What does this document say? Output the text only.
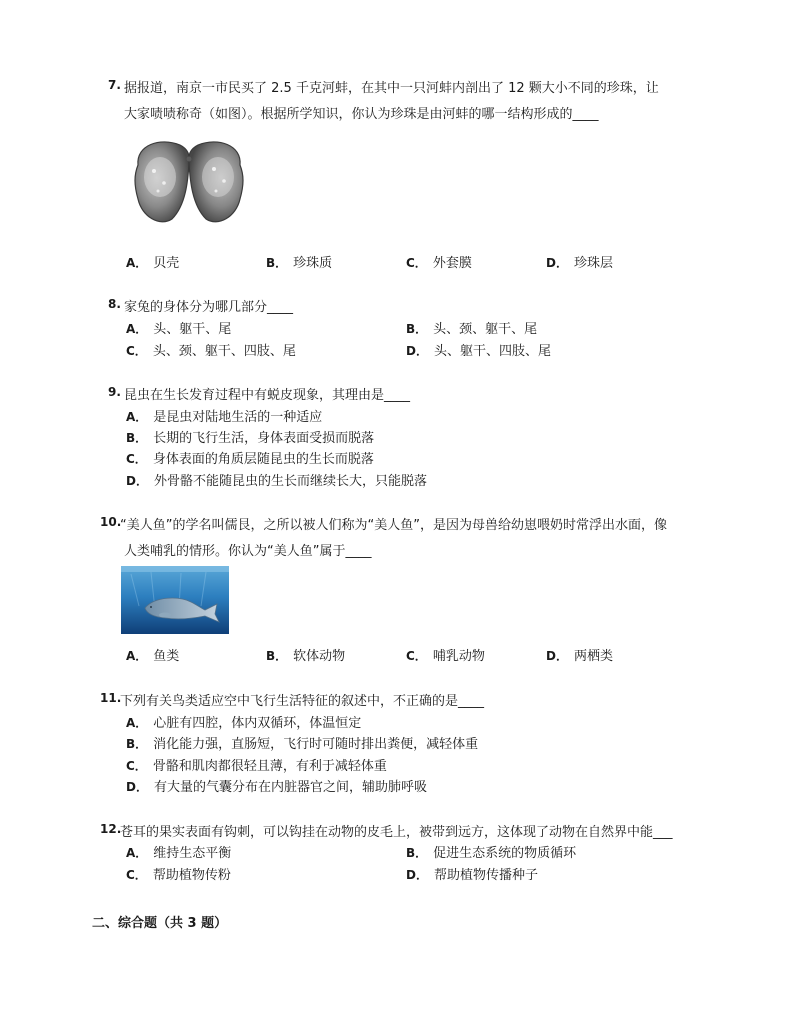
7. 据报道，南京一市民买了 2.5 千克河蚌，在其中一只河蚌内剖出了 12 颗大小不同的珍珠，让
大家啧啧称奇（如图）。根据所学知识，你认为珍珠是由河蚌的哪一结构形成的____
A． 贝壳	B． 珍珠质	C． 外套膜	D． 珍珠层
8. 家兔的身体分为哪几部分____
A． 头、躯干、尾	B． 头、颈、躯干、尾
C． 头、颈、躯干、四肢、尾	D． 头、躯干、四肢、尾
9. 昆虫在生长发育过程中有蜕皮现象，其理由是____
A． 是昆虫对陆地生活的一种适应
B． 长期的飞行生活，身体表面受损而脱落
C． 身体表面的角质层随昆虫的生长而脱落
D． 外骨骼不能随昆虫的生长而继续长大，只能脱落
10.
“美人鱼”的学名叫儒艮，之所以被人们称为“美人鱼”，是因为母兽给幼崽喂奶时常浮出水面，像
人类哺乳的情形。你认为“美人鱼”属于____
A． 鱼类	B． 软体动物	C． 哺乳动物	D． 两栖类
11.
下列有关鸟类适应空中飞行生活特征的叙述中，不正确的是____
A． 心脏有四腔，体内双循环，体温恒定
B． 消化能力强，直肠短，飞行时可随时排出粪便，减轻体重
C． 骨骼和肌肉都很轻且薄，有利于减轻体重
D． 有大量的气囊分布在内脏器官之间，辅助肺呼吸
12.
苍耳的果实表面有钩刺，可以钩挂在动物的皮毛上，被带到远方，这体现了动物在自然界中能___
A． 维持生态平衡	B． 促进生态系统的物质循环
C． 帮助植物传粉	D． 帮助植物传播种子
二、综合题（共 3 题）
